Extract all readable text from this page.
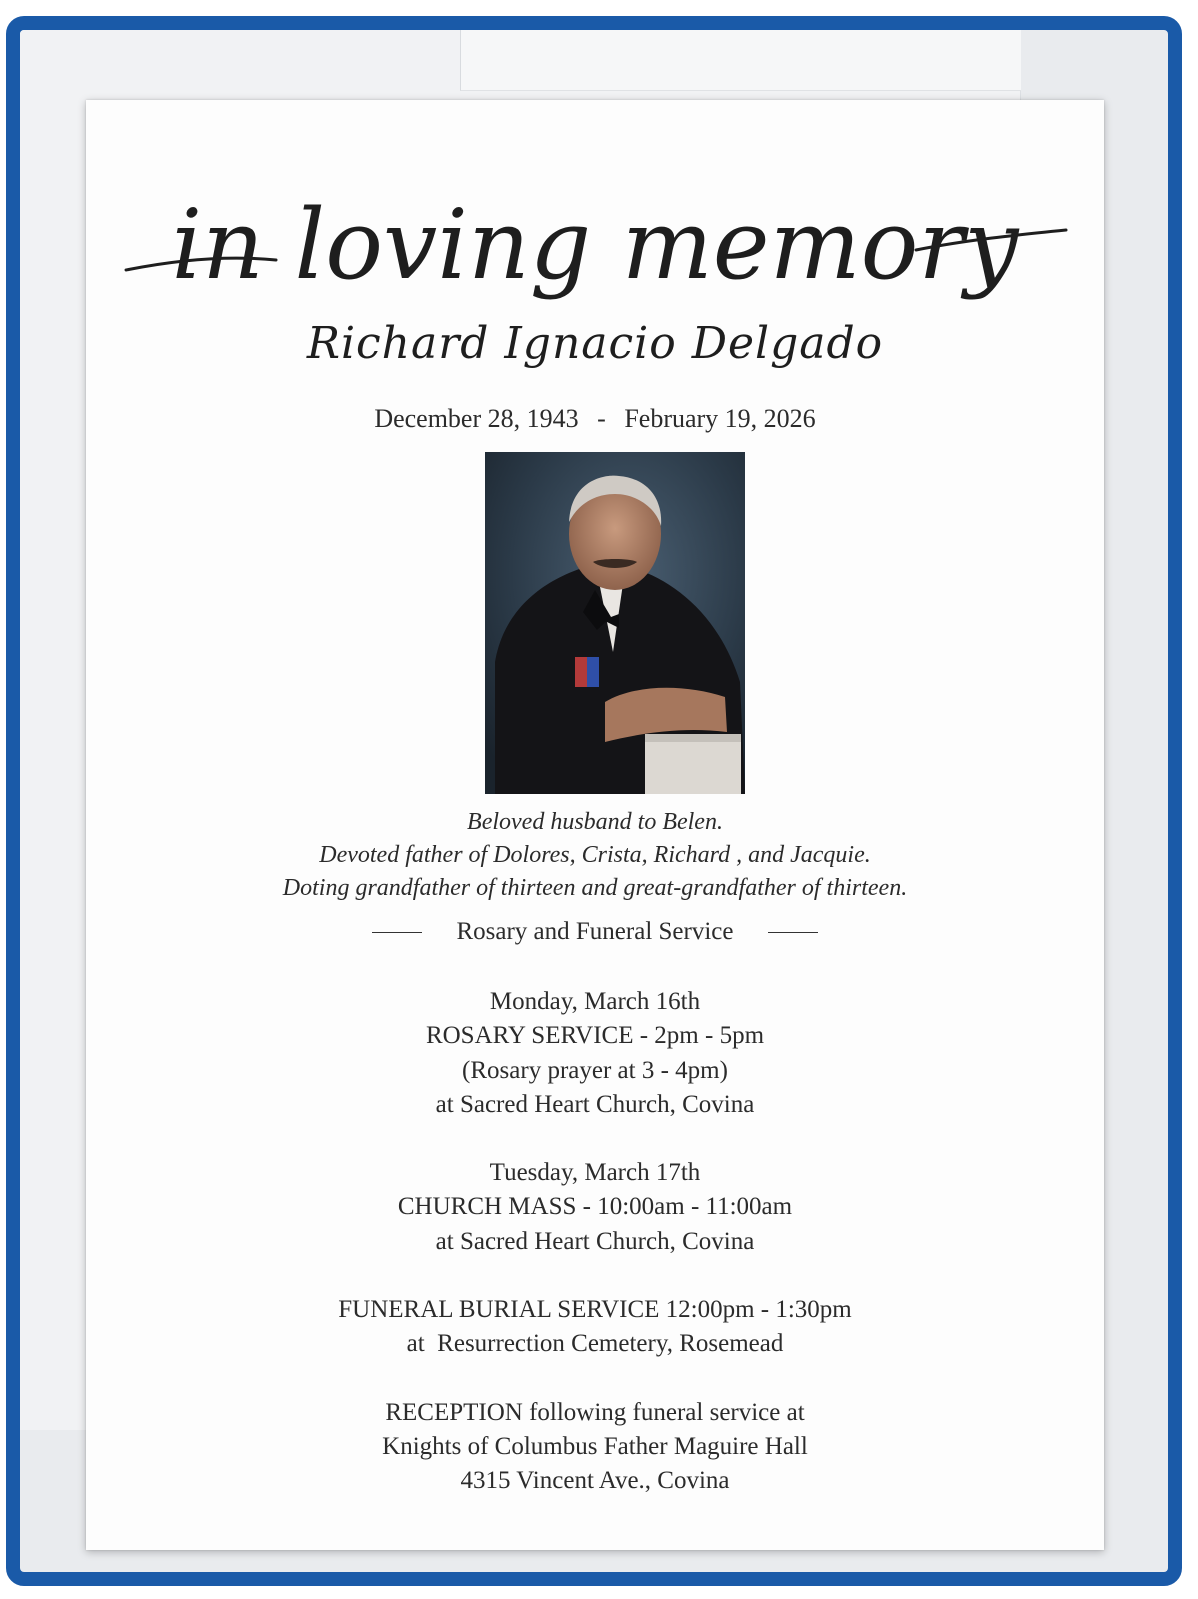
in loving memory
Richard Ignacio Delgado
December 28, 1943 - February 19, 2026
Beloved husband to Belen.
Devoted father of Dolores, Crista, Richard , and Jacquie.
Doting grandfather of thirteen and great-grandfather of thirteen.
Rosary and Funeral Service
Monday, March 16th
ROSARY SERVICE - 2pm - 5pm
(Rosary prayer at 3 - 4pm)
at Sacred Heart Church, Covina
Tuesday, March 17th
CHURCH MASS - 10:00am - 11:00am
at Sacred Heart Church, Covina
FUNERAL BURIAL SERVICE 12:00pm - 1:30pm
at  Resurrection Cemetery, Rosemead
RECEPTION following funeral service at
Knights of Columbus Father Maguire Hall
4315 Vincent Ave., Covina
